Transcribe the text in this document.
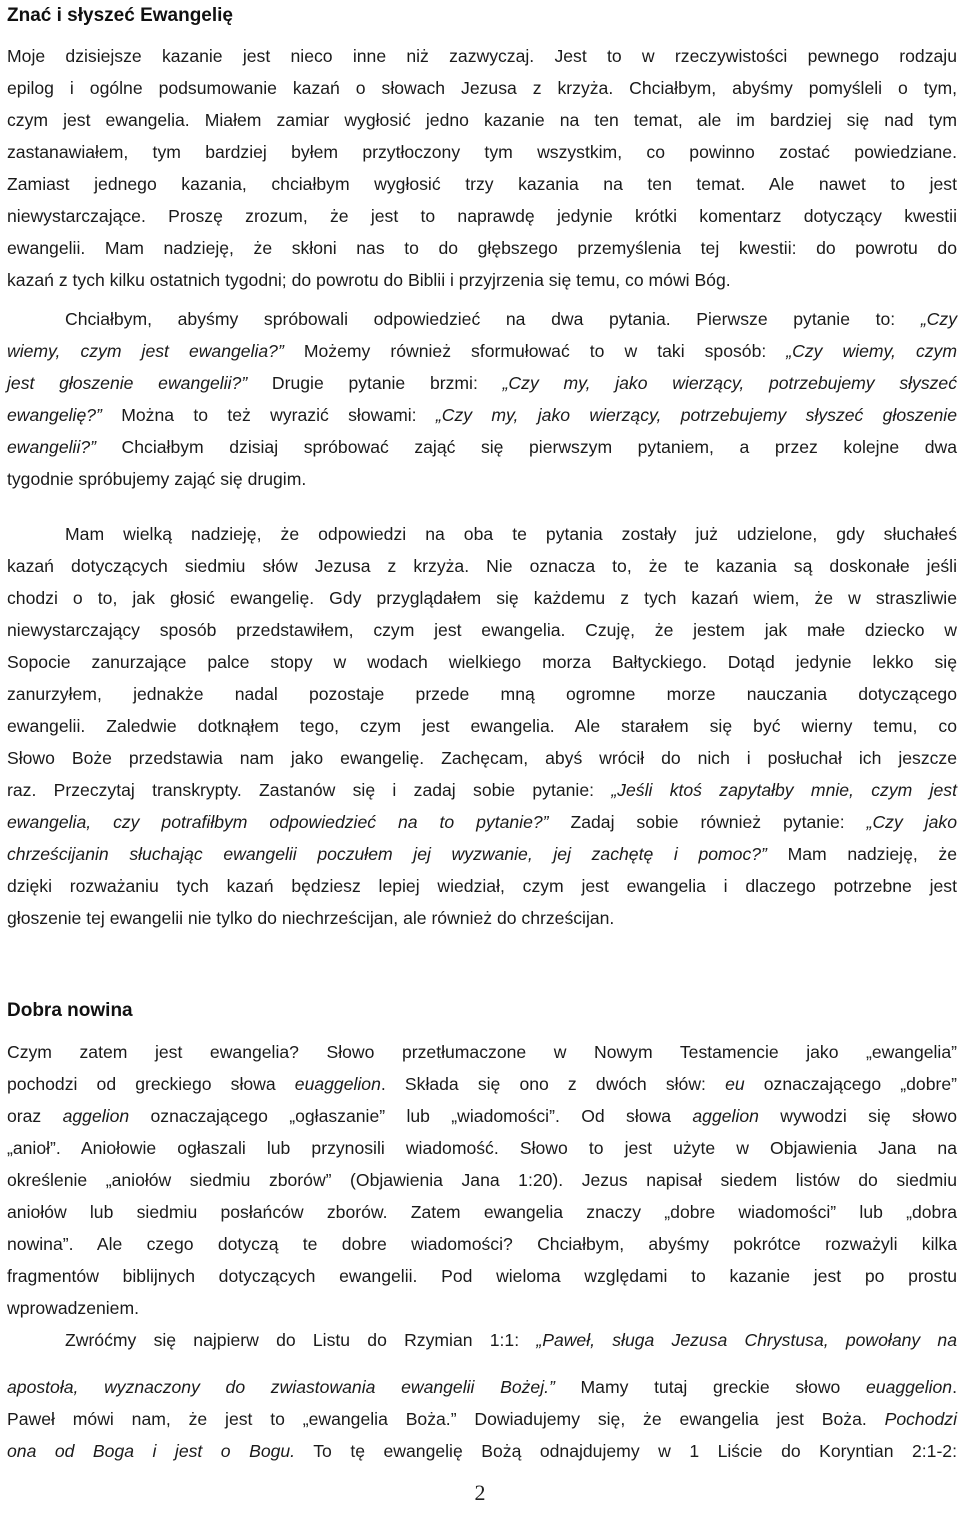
Znać i słyszeć Ewangelię
Moje dzisiejsze kazanie jest nieco inne niż zazwyczaj. Jest to w rzeczywistości pewnego rodzaju
epilog i ogólne podsumowanie kazań o słowach Jezusa z krzyża. Chciałbym, abyśmy pomyśleli o tym,
czym jest ewangelia. Miałem zamiar wygłosić jedno kazanie na ten temat, ale im bardziej się nad tym
zastanawiałem, tym bardziej byłem przytłoczony tym wszystkim, co powinno zostać powiedziane.
Zamiast jednego kazania, chciałbym wygłosić trzy kazania na ten temat. Ale nawet to jest
niewystarczające. Proszę zrozum, że jest to naprawdę jedynie krótki komentarz dotyczący kwestii
ewangelii. Mam nadzieję, że skłoni nas to do głębszego przemyślenia tej kwestii: do powrotu do
kazań z tych kilku ostatnich tygodni; do powrotu do Biblii i przyjrzenia się temu, co mówi Bóg.
Chciałbym, abyśmy spróbowali odpowiedzieć na dwa pytania. Pierwsze pytanie to: „Czy
wiemy, czym jest ewangelia?” Możemy również sformułować to w taki sposób: „Czy wiemy, czym
jest głoszenie ewangelii?” Drugie pytanie brzmi: „Czy my, jako wierzący, potrzebujemy słyszeć
ewangelię?” Można to też wyrazić słowami: „Czy my, jako wierzący, potrzebujemy słyszeć głoszenie
ewangelii?” Chciałbym dzisiaj spróbować zająć się pierwszym pytaniem, a przez kolejne dwa
tygodnie spróbujemy zająć się drugim.
Mam wielką nadzieję, że odpowiedzi na oba te pytania zostały już udzielone, gdy słuchałeś
kazań dotyczących siedmiu słów Jezusa z krzyża. Nie oznacza to, że te kazania są doskonałe jeśli
chodzi o to, jak głosić ewangelię. Gdy przyglądałem się każdemu z tych kazań wiem, że w straszliwie
niewystarczający sposób przedstawiłem, czym jest ewangelia. Czuję, że jestem jak małe dziecko w
Sopocie zanurzające palce stopy w wodach wielkiego morza Bałtyckiego. Dotąd jedynie lekko się
zanurzyłem, jednakże nadal pozostaje przede mną ogromne morze nauczania dotyczącego
ewangelii. Zaledwie dotknąłem tego, czym jest ewangelia. Ale starałem się być wierny temu, co
Słowo Boże przedstawia nam jako ewangelię. Zachęcam, abyś wrócił do nich i posłuchał ich jeszcze
raz. Przeczytaj transkrypty. Zastanów się i zadaj sobie pytanie: „Jeśli ktoś zapytałby mnie, czym jest
ewangelia, czy potrafiłbym odpowiedzieć na to pytanie?” Zadaj sobie również pytanie: „Czy jako
chrześcijanin słuchając ewangelii poczułem jej wyzwanie, jej zachętę i pomoc?” Mam nadzieję, że
dzięki rozważaniu tych kazań będziesz lepiej wiedział, czym jest ewangelia i dlaczego potrzebne jest
głoszenie tej ewangelii nie tylko do niechrześcijan, ale również do chrześcijan.
Czym zatem jest ewangelia? Słowo przetłumaczone w Nowym Testamencie jako „ewangelia”
pochodzi od greckiego słowa euaggelion. Składa się ono z dwóch słów: eu oznaczającego „dobre”
oraz aggelion oznaczającego „ogłaszanie” lub „wiadomości”. Od słowa aggelion wywodzi się słowo
„anioł”. Aniołowie ogłaszali lub przynosili wiadomość. Słowo to jest użyte w Objawienia Jana na
określenie „aniołów siedmiu zborów” (Objawienia Jana 1:20). Jezus napisał siedem listów do siedmiu
aniołów lub siedmiu posłańców zborów. Zatem ewangelia znaczy „dobre wiadomości” lub „dobra
nowina”. Ale czego dotyczą te dobre wiadomości? Chciałbym, abyśmy pokrótce rozważyli kilka
fragmentów biblijnych dotyczących ewangelii. Pod wieloma względami to kazanie jest po prostu
wprowadzeniem.
Zwróćmy się najpierw do Listu do Rzymian 1:1: „Paweł, sługa Jezusa Chrystusa, powołany na
apostoła, wyznaczony do zwiastowania ewangelii Bożej.” Mamy tutaj greckie słowo euaggelion.
Paweł mówi nam, że jest to „ewangelia Boża.” Dowiadujemy się, że ewangelia jest Boża. Pochodzi
ona od Boga i jest o Bogu. To tę ewangelię Bożą odnajdujemy w 1 Liście do Koryntian 2:1-2:
Dobra nowina
2
